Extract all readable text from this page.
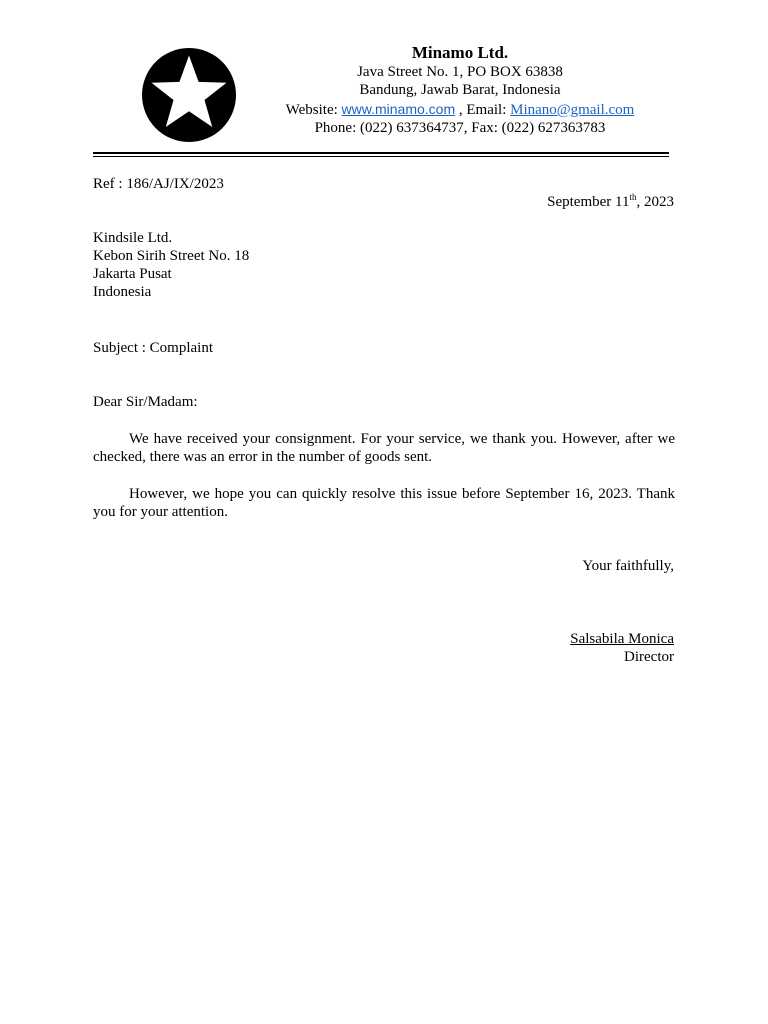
Minamo Ltd.
Java Street No. 1, PO BOX 63838
Bandung, Jawab Barat, Indonesia
Website: www.minamo.com , Email: Minano@gmail.com
Phone: (022) 637364737, Fax: (022) 627363783
Ref : 186/AJ/IX/2023
September 11th, 2023
Kindsile Ltd.
Kebon Sirih Street No. 18
Jakarta Pusat
Indonesia
Subject : Complaint
Dear Sir/Madam:
We have received your consignment. For your service, we thank you. However, after we checked, there was an error in the number of goods sent.
However, we hope you can quickly resolve this issue before September 16, 2023. Thank you for your attention.
Your faithfully,
Salsabila Monica
Director
